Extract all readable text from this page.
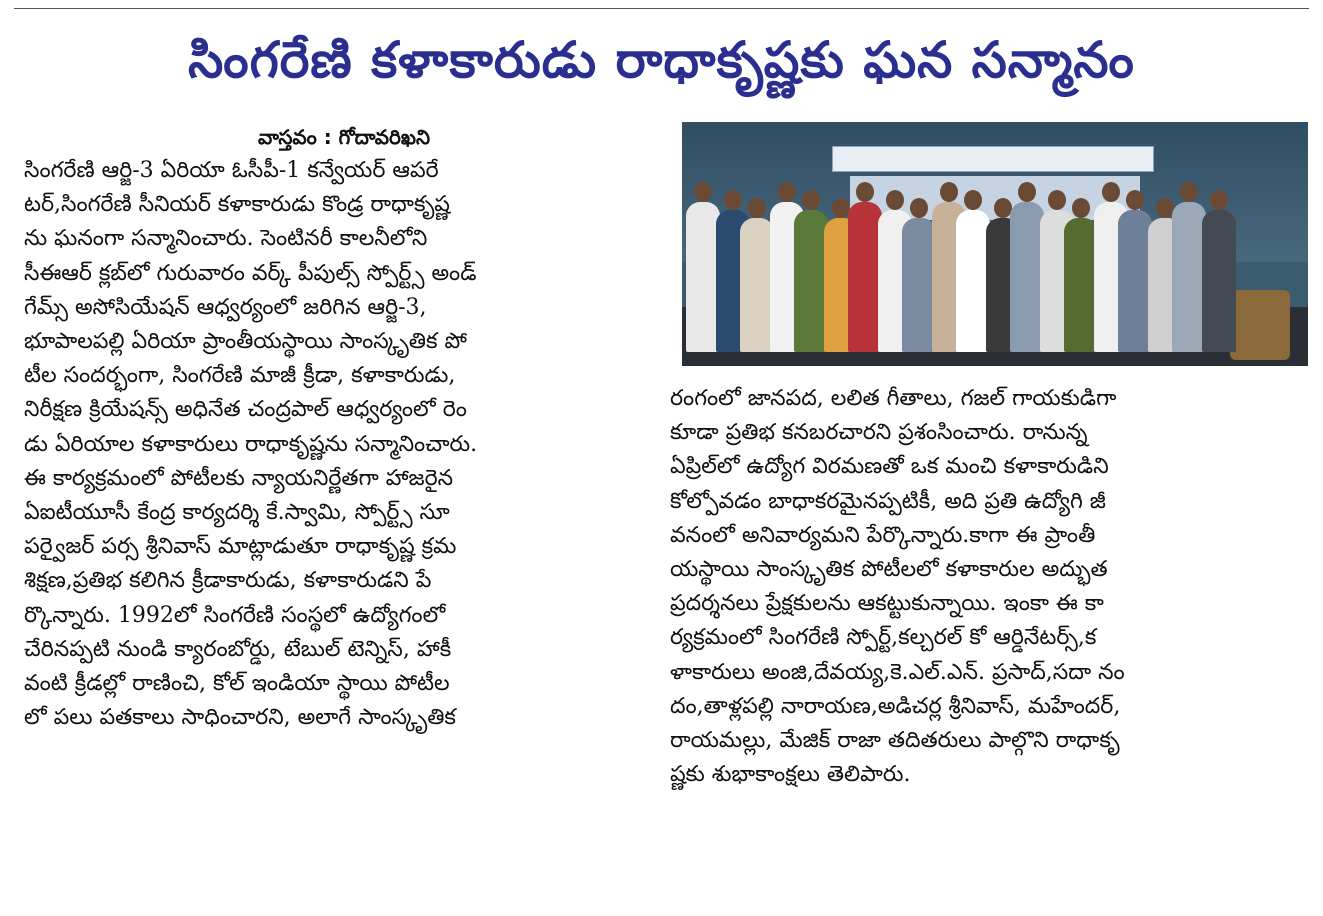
సింగరేణి కళాకారుడు రాధాకృష్ణకు ఘన సన్మానం
వాస్తవం : గోదావరిఖని
సింగరేణి ఆర్జి-3 ఏరియా ఓసీపీ-1 కన్వేయర్ ఆపరే
టర్,సింగరేణి సీనియర్ కళాకారుడు కొండ్ర రాధాకృష్ణ
ను ఘనంగా సన్మానించారు. సెంటినరీ కాలనీలోని
సీఈఆర్ క్లబ్‌లో గురువారం వర్క్ పీపుల్స్ స్పోర్ట్స్ అండ్
గేమ్స్ అసోసియేషన్ ఆధ్వర్యంలో జరిగిన ఆర్జి-3,
భూపాలపల్లి ఏరియా ప్రాంతీయస్థాయి సాంస్కృతిక పో
టీల సందర్భంగా, సింగరేణి మాజీ క్రీడా, కళాకారుడు,
నిరీక్షణ క్రియేషన్స్ అధినేత చంద్రపాల్ ఆధ్వర్యంలో రెం
డు ఏరియాల కళాకారులు రాధాకృష్ణను సన్మానించారు.
ఈ కార్యక్రమంలో పోటీలకు న్యాయనిర్ణేతగా హాజరైన
ఏఐటీయూసీ కేంద్ర కార్యదర్శి కే.స్వామి, స్పోర్ట్స్ సూ
పర్వైజర్ పర్స శ్రీనివాస్ మాట్లాడుతూ రాధాకృష్ణ క్రమ
శిక్షణ,ప్రతిభ కలిగిన క్రీడాకారుడు, కళాకారుడని పే
ర్కొన్నారు. 1992లో సింగరేణి సంస్థలో ఉద్యోగంలో
చేరినప్పటి నుండి క్యారంబోర్డు, టేబుల్ టెన్నిస్, హాకీ
వంటి క్రీడల్లో రాణించి, కోల్ ఇండియా స్థాయి పోటీల
లో పలు పతకాలు సాధించారని, అలాగే సాంస్కృతిక
రంగంలో జానపద, లలిత గీతాలు, గజల్ గాయకుడిగా
కూడా ప్రతిభ కనబరచారని ప్రశంసించారు. రానున్న
ఏప్రిల్‌లో ఉద్యోగ విరమణతో ఒక మంచి కళాకారుడిని
కోల్పోవడం బాధాకరమైనప్పటికీ, అది ప్రతి ఉద్యోగి జీ
వనంలో అనివార్యమని పేర్కొన్నారు.కాగా ఈ ప్రాంతీ
యస్థాయి సాంస్కృతిక పోటీలలో కళాకారుల అద్భుత
ప్రదర్శనలు ప్రేక్షకులను ఆకట్టుకున్నాయి. ఇంకా ఈ కా
ర్యక్రమంలో సింగరేణి స్పోర్ట్,కల్చరల్ కో ఆర్డినేటర్స్,క
ళాకారులు అంజి,దేవయ్య,కె.ఎల్.ఎన్. ప్రసాద్,సదా నం
దం,తాళ్లపల్లి నారాయణ,అడిచర్ల శ్రీనివాస్, మహేందర్,
రాయమల్లు, మేజిక్ రాజా తదితరులు పాల్గొని రాధాకృ
ష్ణకు శుభాకాంక్షలు తెలిపారు.
